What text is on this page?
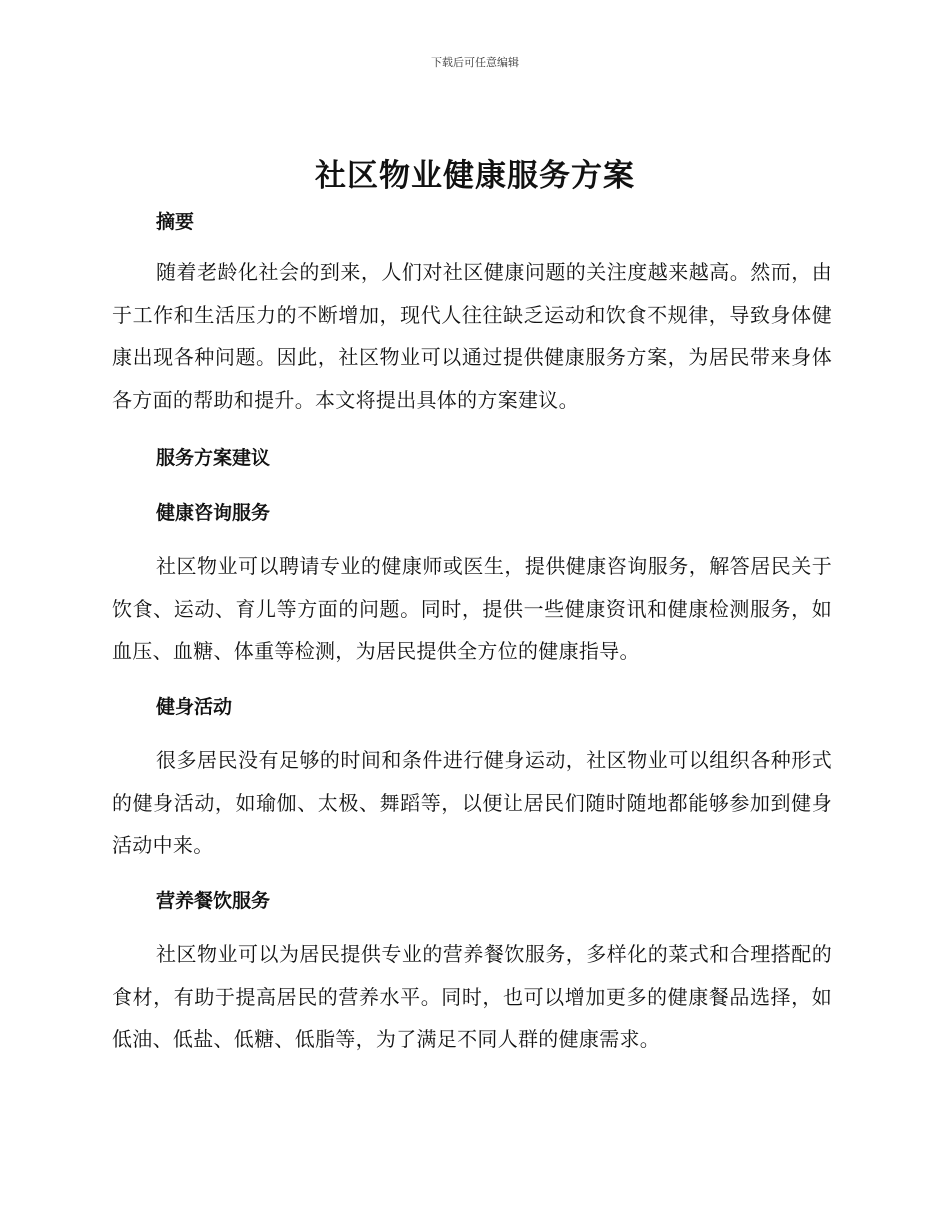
下载后可任意编辑
社区物业健康服务方案
摘要

随着老龄化社会的到来，人们对社区健康问题的关注度越来越高。然而，由于工作和生活压力的不断增加，现代人往往缺乏运动和饮食不规律，导致身体健康出现各种问题。因此，社区物业可以通过提供健康服务方案，为居民带来身体各方面的帮助和提升。本文将提出具体的方案建议。

服务方案建议
健康咨询服务

社区物业可以聘请专业的健康师或医生，提供健康咨询服务，解答居民关于饮食、运动、育儿等方面的问题。同时，提供一些健康资讯和健康检测服务，如血压、血糖、体重等检测，为居民提供全方位的健康指导。

健身活动

很多居民没有足够的时间和条件进行健身运动，社区物业可以组织各种形式的健身活动，如瑜伽、太极、舞蹈等，以便让居民们随时随地都能够参加到健身活动中来。

营养餐饮服务

社区物业可以为居民提供专业的营养餐饮服务，多样化的菜式和合理搭配的食材，有助于提高居民的营养水平。同时，也可以增加更多的健康餐品选择，如低油、低盐、低糖、低脂等，为了满足不同人群的健康需求。
